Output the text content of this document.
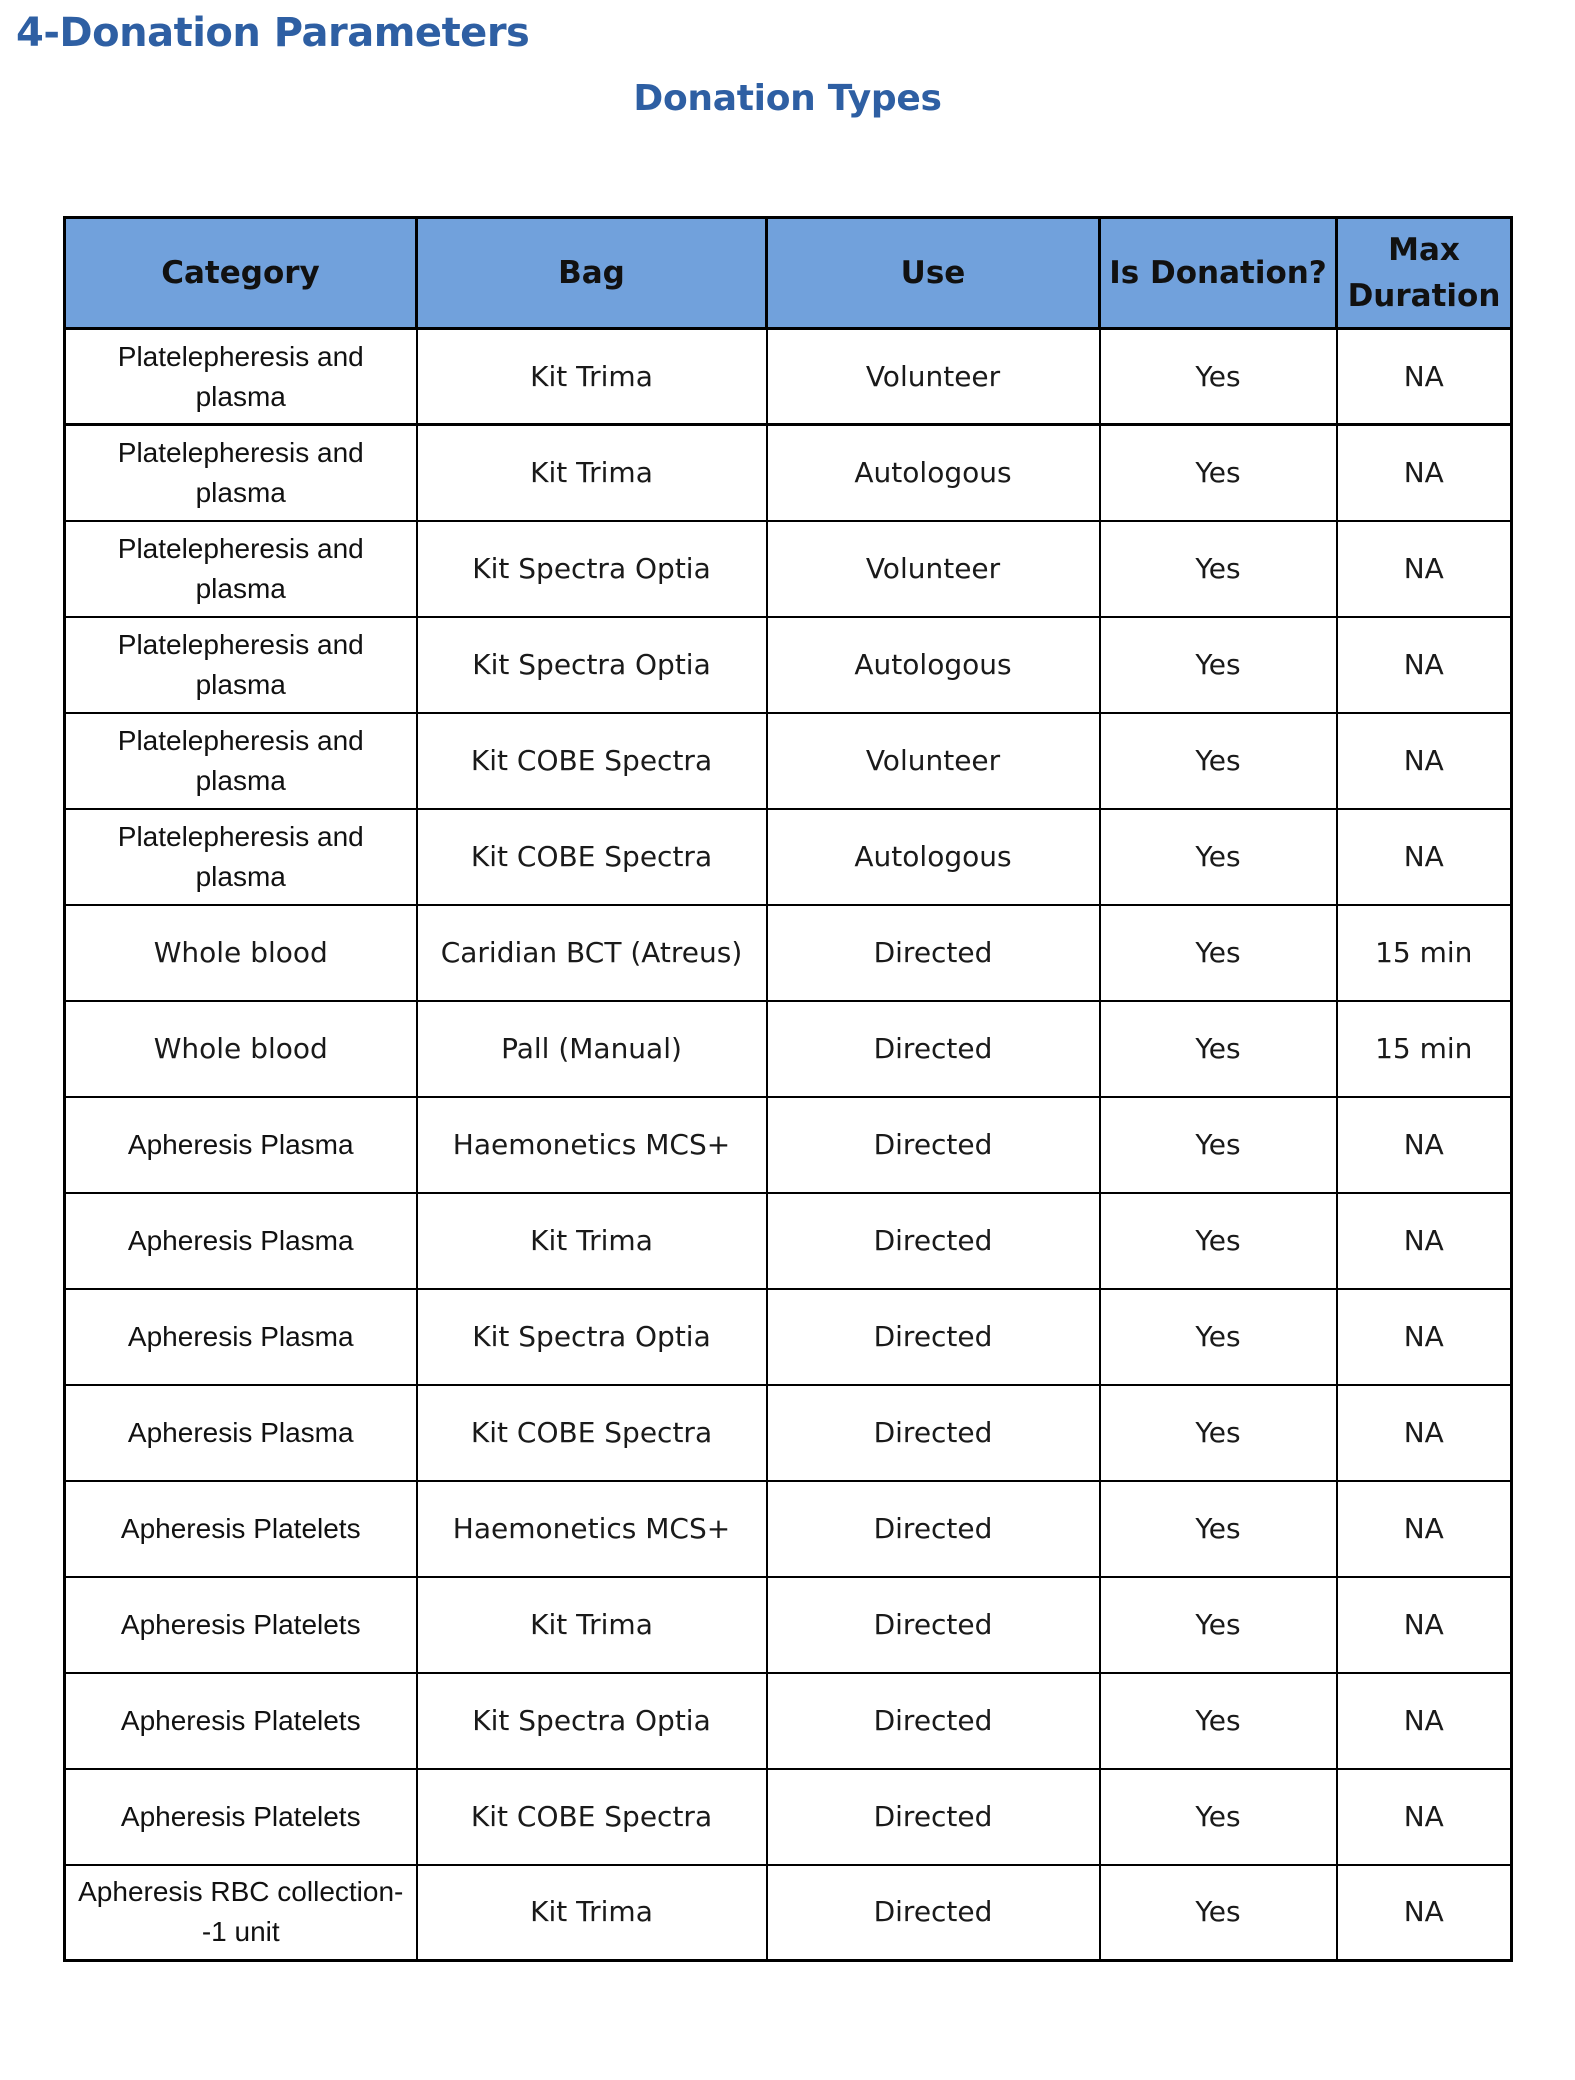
4-Donation Parameters
Donation Types
Category	Bag	Use	Is Donation?	Max Duration
Platelepheresis and plasma	Kit Trima	Volunteer	Yes	NA
Platelepheresis and plasma	Kit Trima	Autologous	Yes	NA
Platelepheresis and plasma	Kit Spectra Optia	Volunteer	Yes	NA
Platelepheresis and plasma	Kit Spectra Optia	Autologous	Yes	NA
Platelepheresis and plasma	Kit COBE Spectra	Volunteer	Yes	NA
Platelepheresis and plasma	Kit COBE Spectra	Autologous	Yes	NA
Whole blood	Caridian BCT (Atreus)	Directed	Yes	15 min
Whole blood	Pall (Manual)	Directed	Yes	15 min
Apheresis Plasma	Haemonetics MCS+	Directed	Yes	NA
Apheresis Plasma	Kit Trima	Directed	Yes	NA
Apheresis Plasma	Kit Spectra Optia	Directed	Yes	NA
Apheresis Plasma	Kit COBE Spectra	Directed	Yes	NA
Apheresis Platelets	Haemonetics MCS+	Directed	Yes	NA
Apheresis Platelets	Kit Trima	Directed	Yes	NA
Apheresis Platelets	Kit Spectra Optia	Directed	Yes	NA
Apheresis Platelets	Kit COBE Spectra	Directed	Yes	NA
Apheresis RBC collection--1 unit	Kit Trima	Directed	Yes	NA
